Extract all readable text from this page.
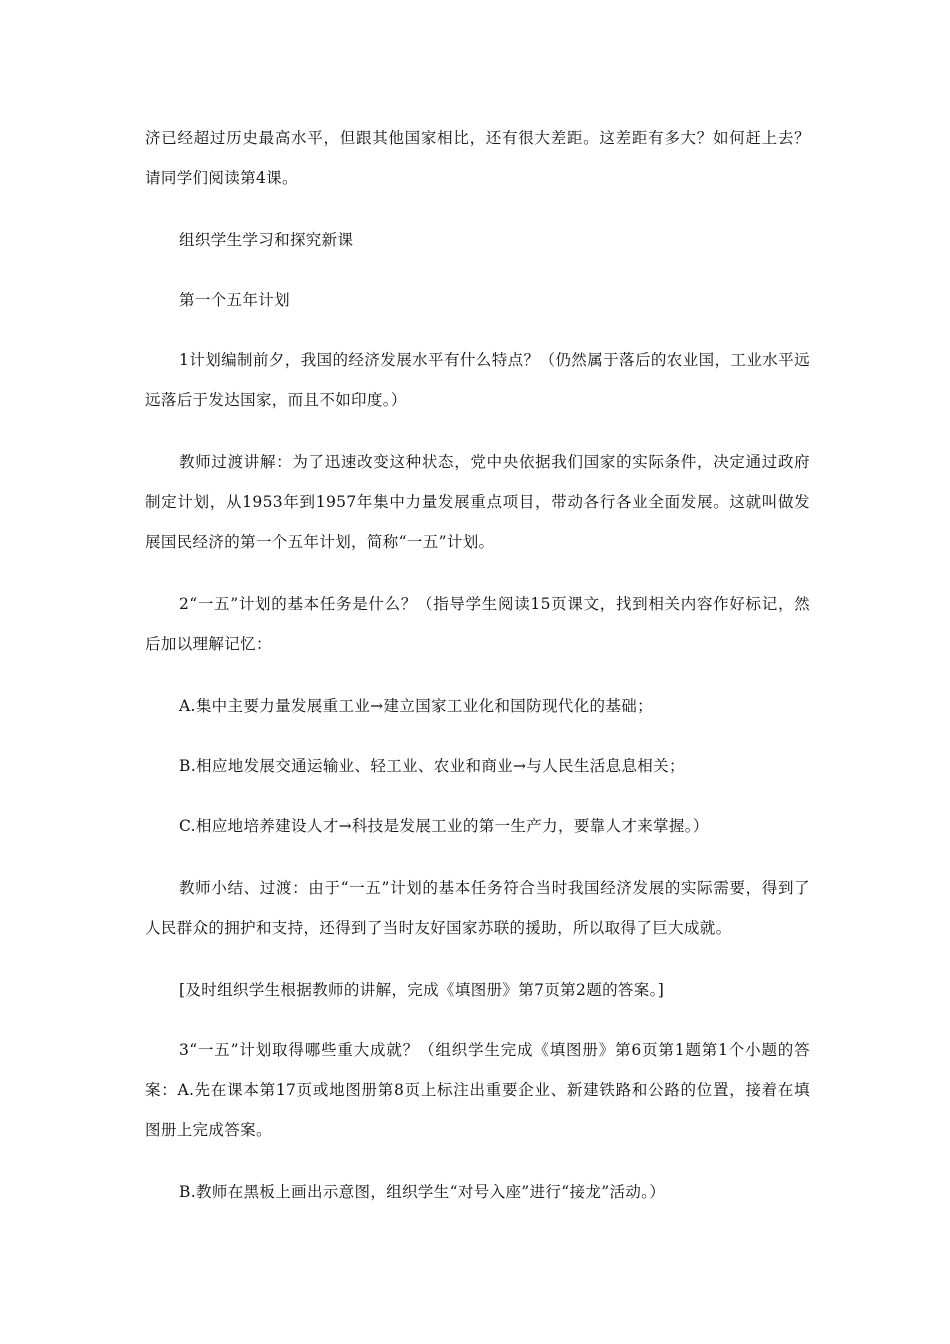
济已经超过历史最高水平，但跟其他国家相比，还有很大差距。这差距有多大？如何赶上去？请同学们阅读第4课。

组织学生学习和探究新课

第一个五年计划

1计划编制前夕，我国的经济发展水平有什么特点？（仍然属于落后的农业国，工业水平远远落后于发达国家，而且不如印度。）

教师过渡讲解：为了迅速改变这种状态，党中央依据我们国家的实际条件，决定通过政府制定计划，从1953年到1957年集中力量发展重点项目，带动各行各业全面发展。这就叫做发展国民经济的第一个五年计划，简称“一五”计划。

2“一五”计划的基本任务是什么？（指导学生阅读15页课文，找到相关内容作好标记，然后加以理解记忆：

A.集中主要力量发展重工业→建立国家工业化和国防现代化的基础；

B.相应地发展交通运输业、轻工业、农业和商业→与人民生活息息相关；

C.相应地培养建设人才→科技是发展工业的第一生产力，要靠人才来掌握。）

教师小结、过渡：由于“一五”计划的基本任务符合当时我国经济发展的实际需要，得到了人民群众的拥护和支持，还得到了当时友好国家苏联的援助，所以取得了巨大成就。

[及时组织学生根据教师的讲解，完成《填图册》第7页第2题的答案。]

3“一五”计划取得哪些重大成就？（组织学生完成《填图册》第6页第1题第1个小题的答案：A.先在课本第17页或地图册第8页上标注出重要企业、新建铁路和公路的位置，接着在填图册上完成答案。

B.教师在黑板上画出示意图，组织学生“对号入座”进行“接龙”活动。）
